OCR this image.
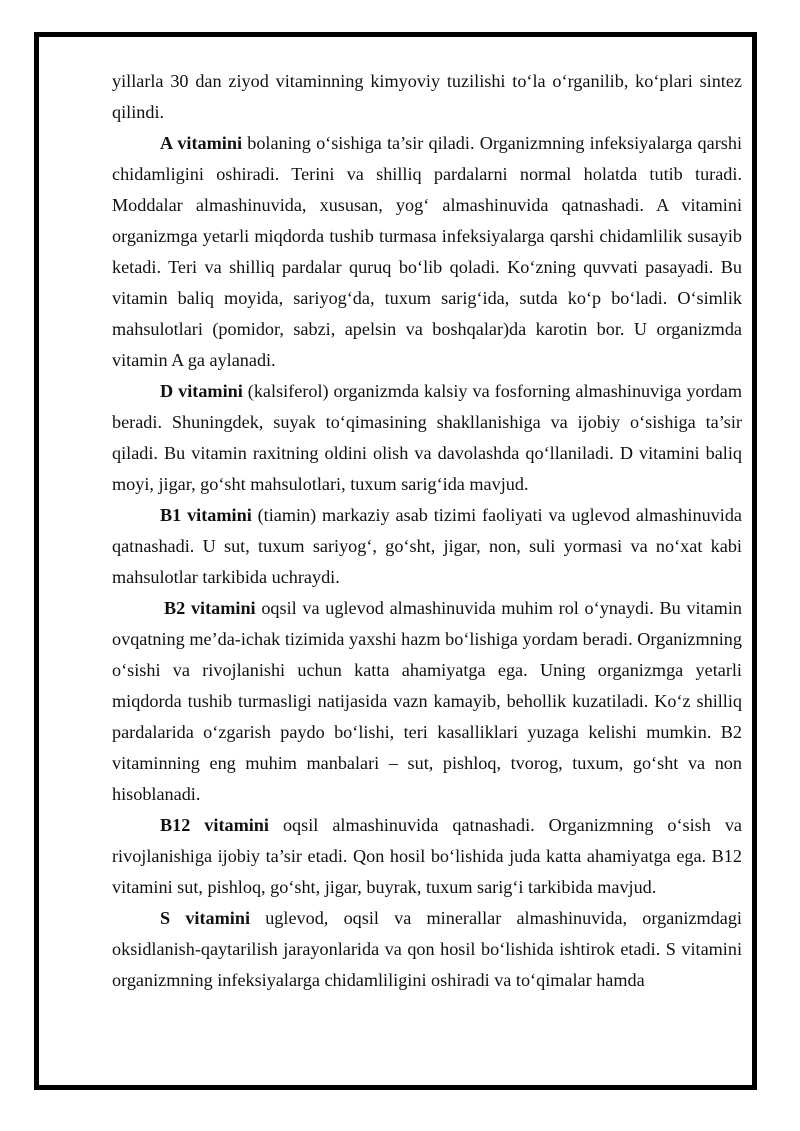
yillarla 30 dan ziyod vitaminning kimyoviy tuzilishi to‘la o‘rganilib, ko‘plari sintez qilindi.

A vitamini bolaning o‘sishiga ta’sir qiladi. Organizmning infeksiyalarga qarshi chidamligini oshiradi. Terini va shilliq pardalarni normal holatda tutib turadi. Moddalar almashinuvida, xususan, yog‘ almashinuvida qatnashadi. A vitamini organizmga yetarli miqdorda tushib turmasa infeksiyalarga qarshi chidamlilik susayib ketadi. Teri va shilliq pardalar quruq bo‘lib qoladi. Ko‘zning quvvati pasayadi. Bu vitamin baliq moyida, sariyog‘da, tuxum sarig‘ida, sutda ko‘p bo‘ladi. O‘simlik mahsulotlari (pomidor, sabzi, apelsin va boshqalar)da karotin bor. U organizmda vitamin A ga aylanadi.

D vitamini (kalsiferol) organizmda kalsiy va fosforning almashinuviga yordam beradi. Shuningdek, suyak to‘qimasining shakllanishiga va ijobiy o‘sishiga ta’sir qiladi. Bu vitamin raxitning oldini olish va davolashda qo‘llaniladi. D vitamini baliq moyi, jigar, go‘sht mahsulotlari, tuxum sarig‘ida mavjud.

B1 vitamini (tiamin) markaziy asab tizimi faoliyati va uglevod almashinuvida qatnashadi. U sut, tuxum sariyog‘, go‘sht, jigar, non, suli yormasi va no‘xat kabi mahsulotlar tarkibida uchraydi.

B2 vitamini oqsil va uglevod almashinuvida muhim rol o‘ynaydi. Bu vitamin ovqatning me’da-ichak tizimida yaxshi hazm bo‘lishiga yordam beradi. Organizmning o‘sishi va rivojlanishi uchun katta ahamiyatga ega. Uning organizmga yetarli miqdorda tushib turmasligi natijasida vazn kamayib, behollik kuzatiladi. Ko‘z shilliq pardalarida o‘zgarish paydo bo‘lishi, teri kasalliklari yuzaga kelishi mumkin. B2 vitaminning eng muhim manbalari – sut, pishloq, tvorog, tuxum, go‘sht va non hisoblanadi.

B12 vitamini oqsil almashinuvida qatnashadi. Organizmning o‘sish va rivojlanishiga ijobiy ta’sir etadi. Qon hosil bo‘lishida juda katta ahamiyatga ega. B12 vitamini sut, pishloq, go‘sht, jigar, buyrak, tuxum sarig‘i tarkibida mavjud.

S vitamini uglevod, oqsil va minerallar almashinuvida, organizmdagi oksidlanish-qaytarilish jarayonlarida va qon hosil bo‘lishida ishtirok etadi. S vitamini organizmning infeksiyalarga chidamliligini oshiradi va to‘qimalar hamda
